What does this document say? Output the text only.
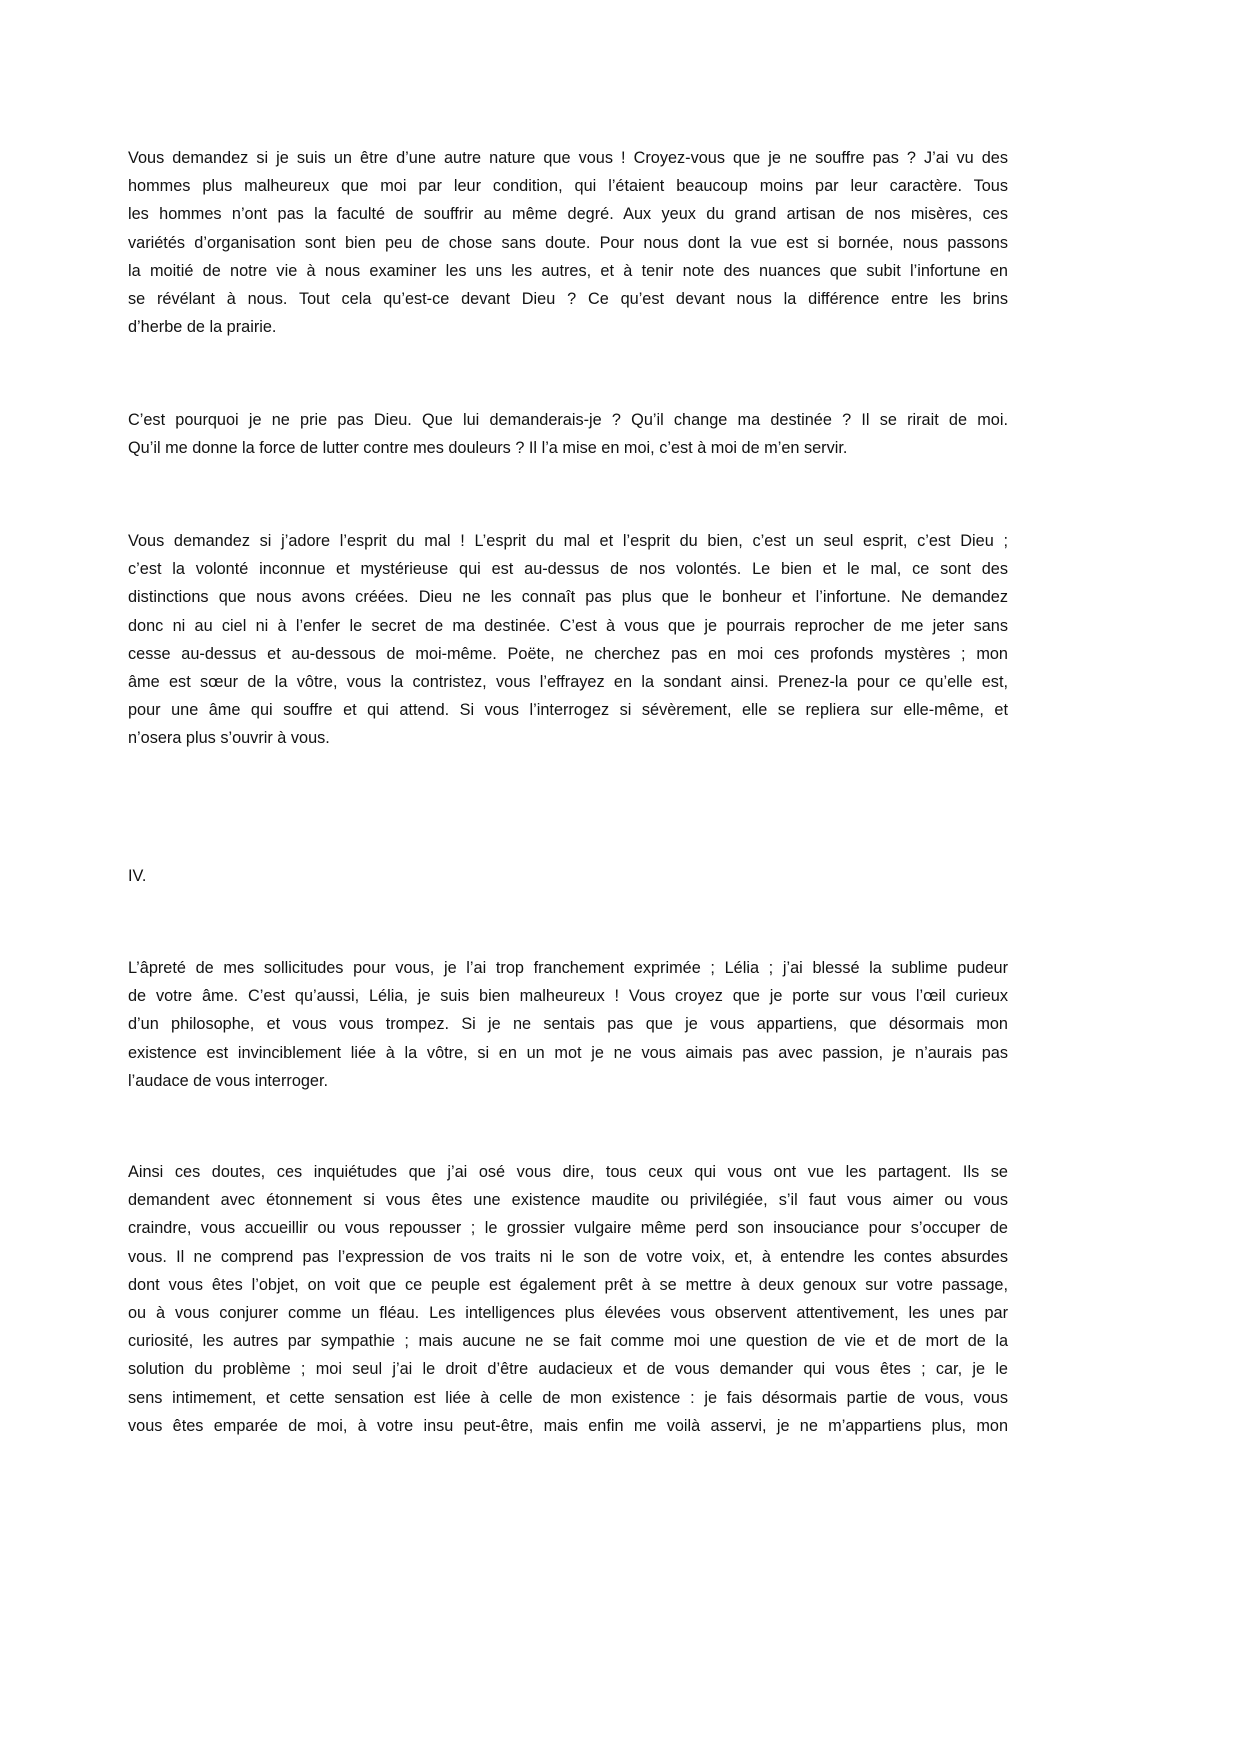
Vous demandez si je suis un être d’une autre nature que vous ! Croyez-vous que je ne souffre pas ? J’ai vu des
hommes plus malheureux que moi par leur condition, qui l’étaient beaucoup moins par leur caractère. Tous
les hommes n’ont pas la faculté de souffrir au même degré. Aux yeux du grand artisan de nos misères, ces
variétés d’organisation sont bien peu de chose sans doute. Pour nous dont la vue est si bornée, nous passons
la moitié de notre vie à nous examiner les uns les autres, et à tenir note des nuances que subit l’infortune en
se révélant à nous. Tout cela qu’est-ce devant Dieu ? Ce qu’est devant nous la différence entre les brins
d’herbe de la prairie.
C’est pourquoi je ne prie pas Dieu. Que lui demanderais-je ? Qu’il change ma destinée ? Il se rirait de moi.
Qu’il me donne la force de lutter contre mes douleurs ? Il l’a mise en moi, c’est à moi de m’en servir.
Vous demandez si j’adore l’esprit du mal ! L’esprit du mal et l’esprit du bien, c’est un seul esprit, c’est Dieu ;
c’est la volonté inconnue et mystérieuse qui est au-dessus de nos volontés. Le bien et le mal, ce sont des
distinctions que nous avons créées. Dieu ne les connaît pas plus que le bonheur et l’infortune. Ne demandez
donc ni au ciel ni à l’enfer le secret de ma destinée. C’est à vous que je pourrais reprocher de me jeter sans
cesse au-dessus et au-dessous de moi-même. Poëte, ne cherchez pas en moi ces profonds mystères ; mon
âme est sœur de la vôtre, vous la contristez, vous l’effrayez en la sondant ainsi. Prenez-la pour ce qu’elle est,
pour une âme qui souffre et qui attend. Si vous l’interrogez si sévèrement, elle se repliera sur elle-même, et
n’osera plus s’ouvrir à vous.
IV.
L’âpreté de mes sollicitudes pour vous, je l’ai trop franchement exprimée ; Lélia ; j’ai blessé la sublime pudeur
de votre âme. C’est qu’aussi, Lélia, je suis bien malheureux ! Vous croyez que je porte sur vous l’œil curieux
d’un philosophe, et vous vous trompez. Si je ne sentais pas que je vous appartiens, que désormais mon
existence est invinciblement liée à la vôtre, si en un mot je ne vous aimais pas avec passion, je n’aurais pas
l’audace de vous interroger.
Ainsi ces doutes, ces inquiétudes que j’ai osé vous dire, tous ceux qui vous ont vue les partagent. Ils se
demandent avec étonnement si vous êtes une existence maudite ou privilégiée, s’il faut vous aimer ou vous
craindre, vous accueillir ou vous repousser ; le grossier vulgaire même perd son insouciance pour s’occuper de
vous. Il ne comprend pas l’expression de vos traits ni le son de votre voix, et, à entendre les contes absurdes
dont vous êtes l’objet, on voit que ce peuple est également prêt à se mettre à deux genoux sur votre passage,
ou à vous conjurer comme un fléau. Les intelligences plus élevées vous observent attentivement, les unes par
curiosité, les autres par sympathie ; mais aucune ne se fait comme moi une question de vie et de mort de la
solution du problème ; moi seul j’ai le droit d’être audacieux et de vous demander qui vous êtes ; car, je le
sens intimement, et cette sensation est liée à celle de mon existence : je fais désormais partie de vous, vous
vous êtes emparée de moi, à votre insu peut-être, mais enfin me voilà asservi, je ne m’appartiens plus, mon
